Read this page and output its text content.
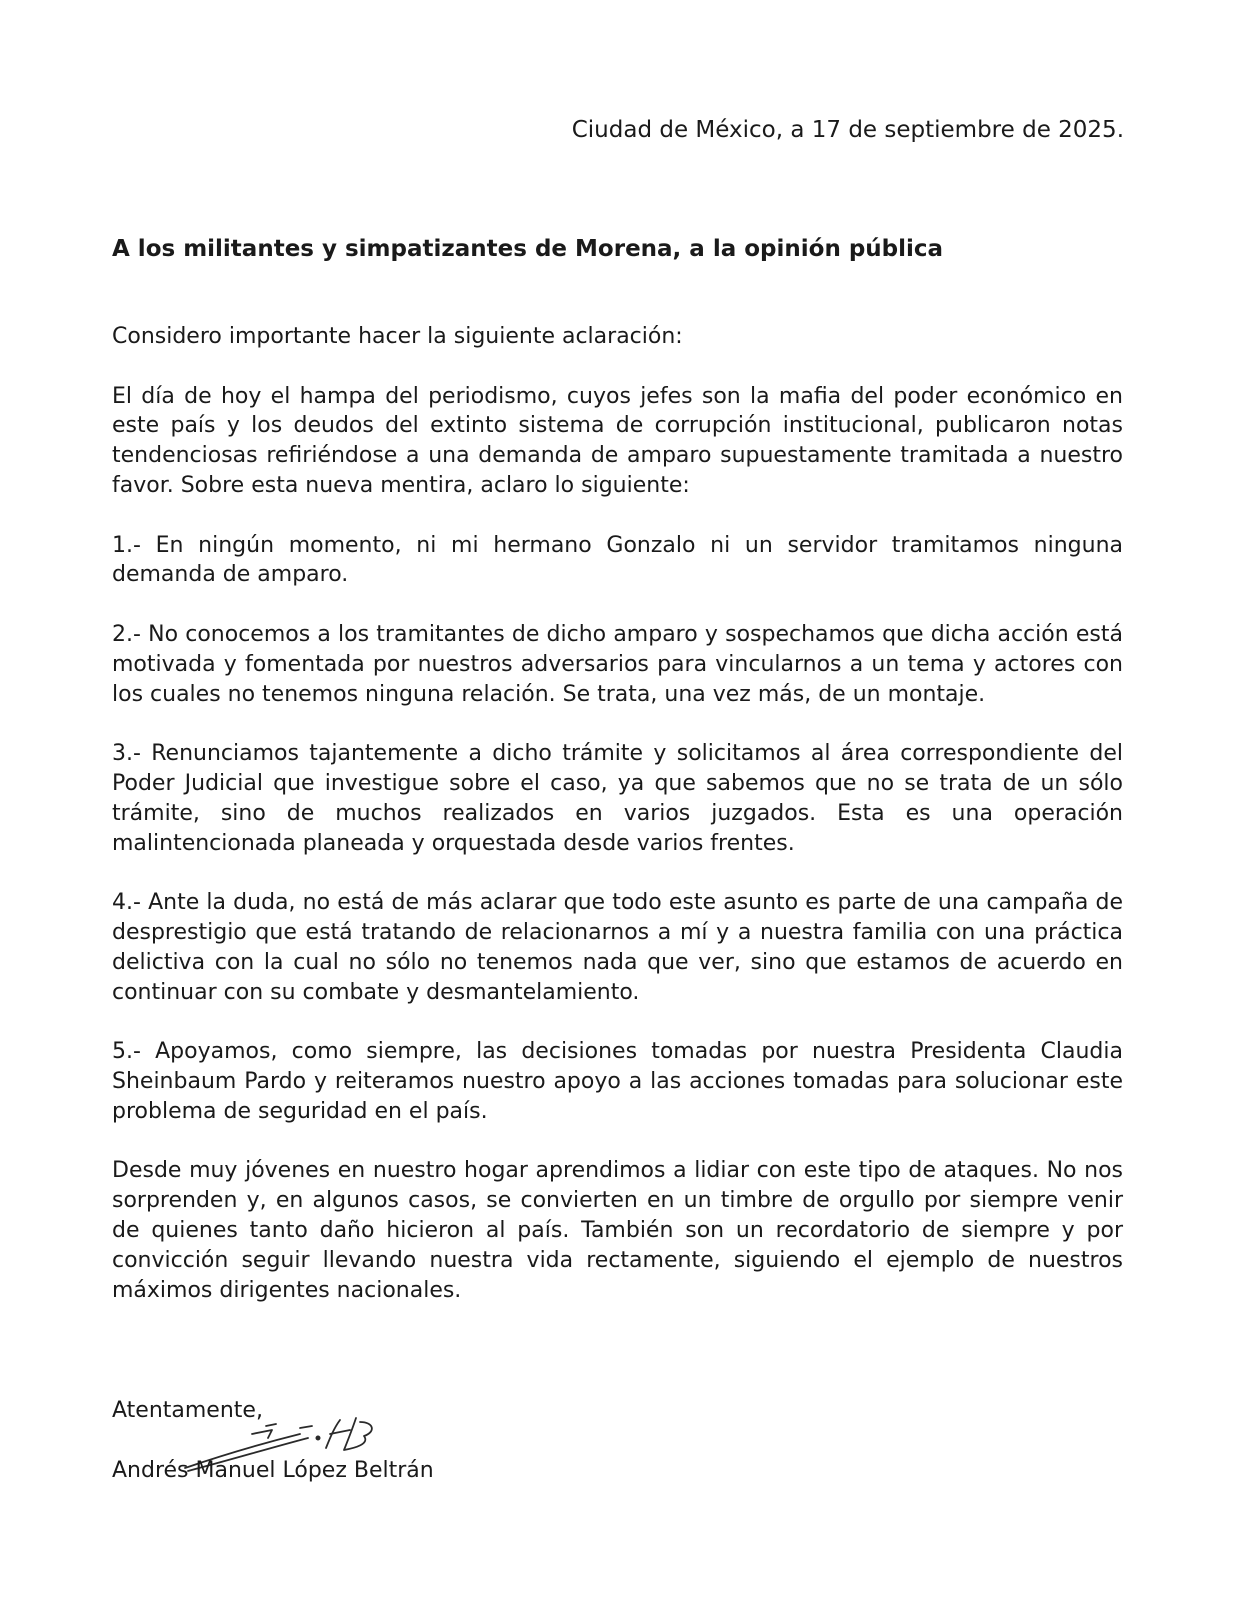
Ciudad de México, a 17 de septiembre de 2025.
A los militantes y simpatizantes de Morena, a la opinión pública

Considero importante hacer la siguiente aclaración:

El día de hoy el hampa del periodismo, cuyos jefes son la mafia del poder económico en este país y los deudos del extinto sistema de corrupción institucional, publicaron notas tendenciosas refiriéndose a una demanda de amparo supuestamente tramitada a nuestro favor. Sobre esta nueva mentira, aclaro lo siguiente:

1.- En ningún momento, ni mi hermano Gonzalo ni un servidor tramitamos ninguna demanda de amparo.

2.- No conocemos a los tramitantes de dicho amparo y sospechamos que dicha acción está motivada y fomentada por nuestros adversarios para vincularnos a un tema y actores con los cuales no tenemos ninguna relación. Se trata, una vez más, de un montaje.

3.- Renunciamos tajantemente a dicho trámite y solicitamos al área correspondiente del Poder Judicial que investigue sobre el caso, ya que sabemos que no se trata de un sólo trámite, sino de muchos realizados en varios juzgados. Esta es una operación malintencionada planeada y orquestada desde varios frentes.

4.- Ante la duda, no está de más aclarar que todo este asunto es parte de una campaña de desprestigio que está tratando de relacionarnos a mí y a nuestra familia con una práctica delictiva con la cual no sólo no tenemos nada que ver, sino que estamos de acuerdo en continuar con su combate y desmantelamiento.

5.- Apoyamos, como siempre, las decisiones tomadas por nuestra Presidenta Claudia Sheinbaum Pardo y reiteramos nuestro apoyo a las acciones tomadas para solucionar este problema de seguridad en el país.

Desde muy jóvenes en nuestro hogar aprendimos a lidiar con este tipo de ataques. No nos sorprenden y, en algunos casos, se convierten en un timbre de orgullo por siempre venir de quienes tanto daño hicieron al país. También son un recordatorio de siempre y por convicción seguir llevando nuestra vida rectamente, siguiendo el ejemplo de nuestros máximos dirigentes nacionales.

Atentamente,
Andrés Manuel López Beltrán
